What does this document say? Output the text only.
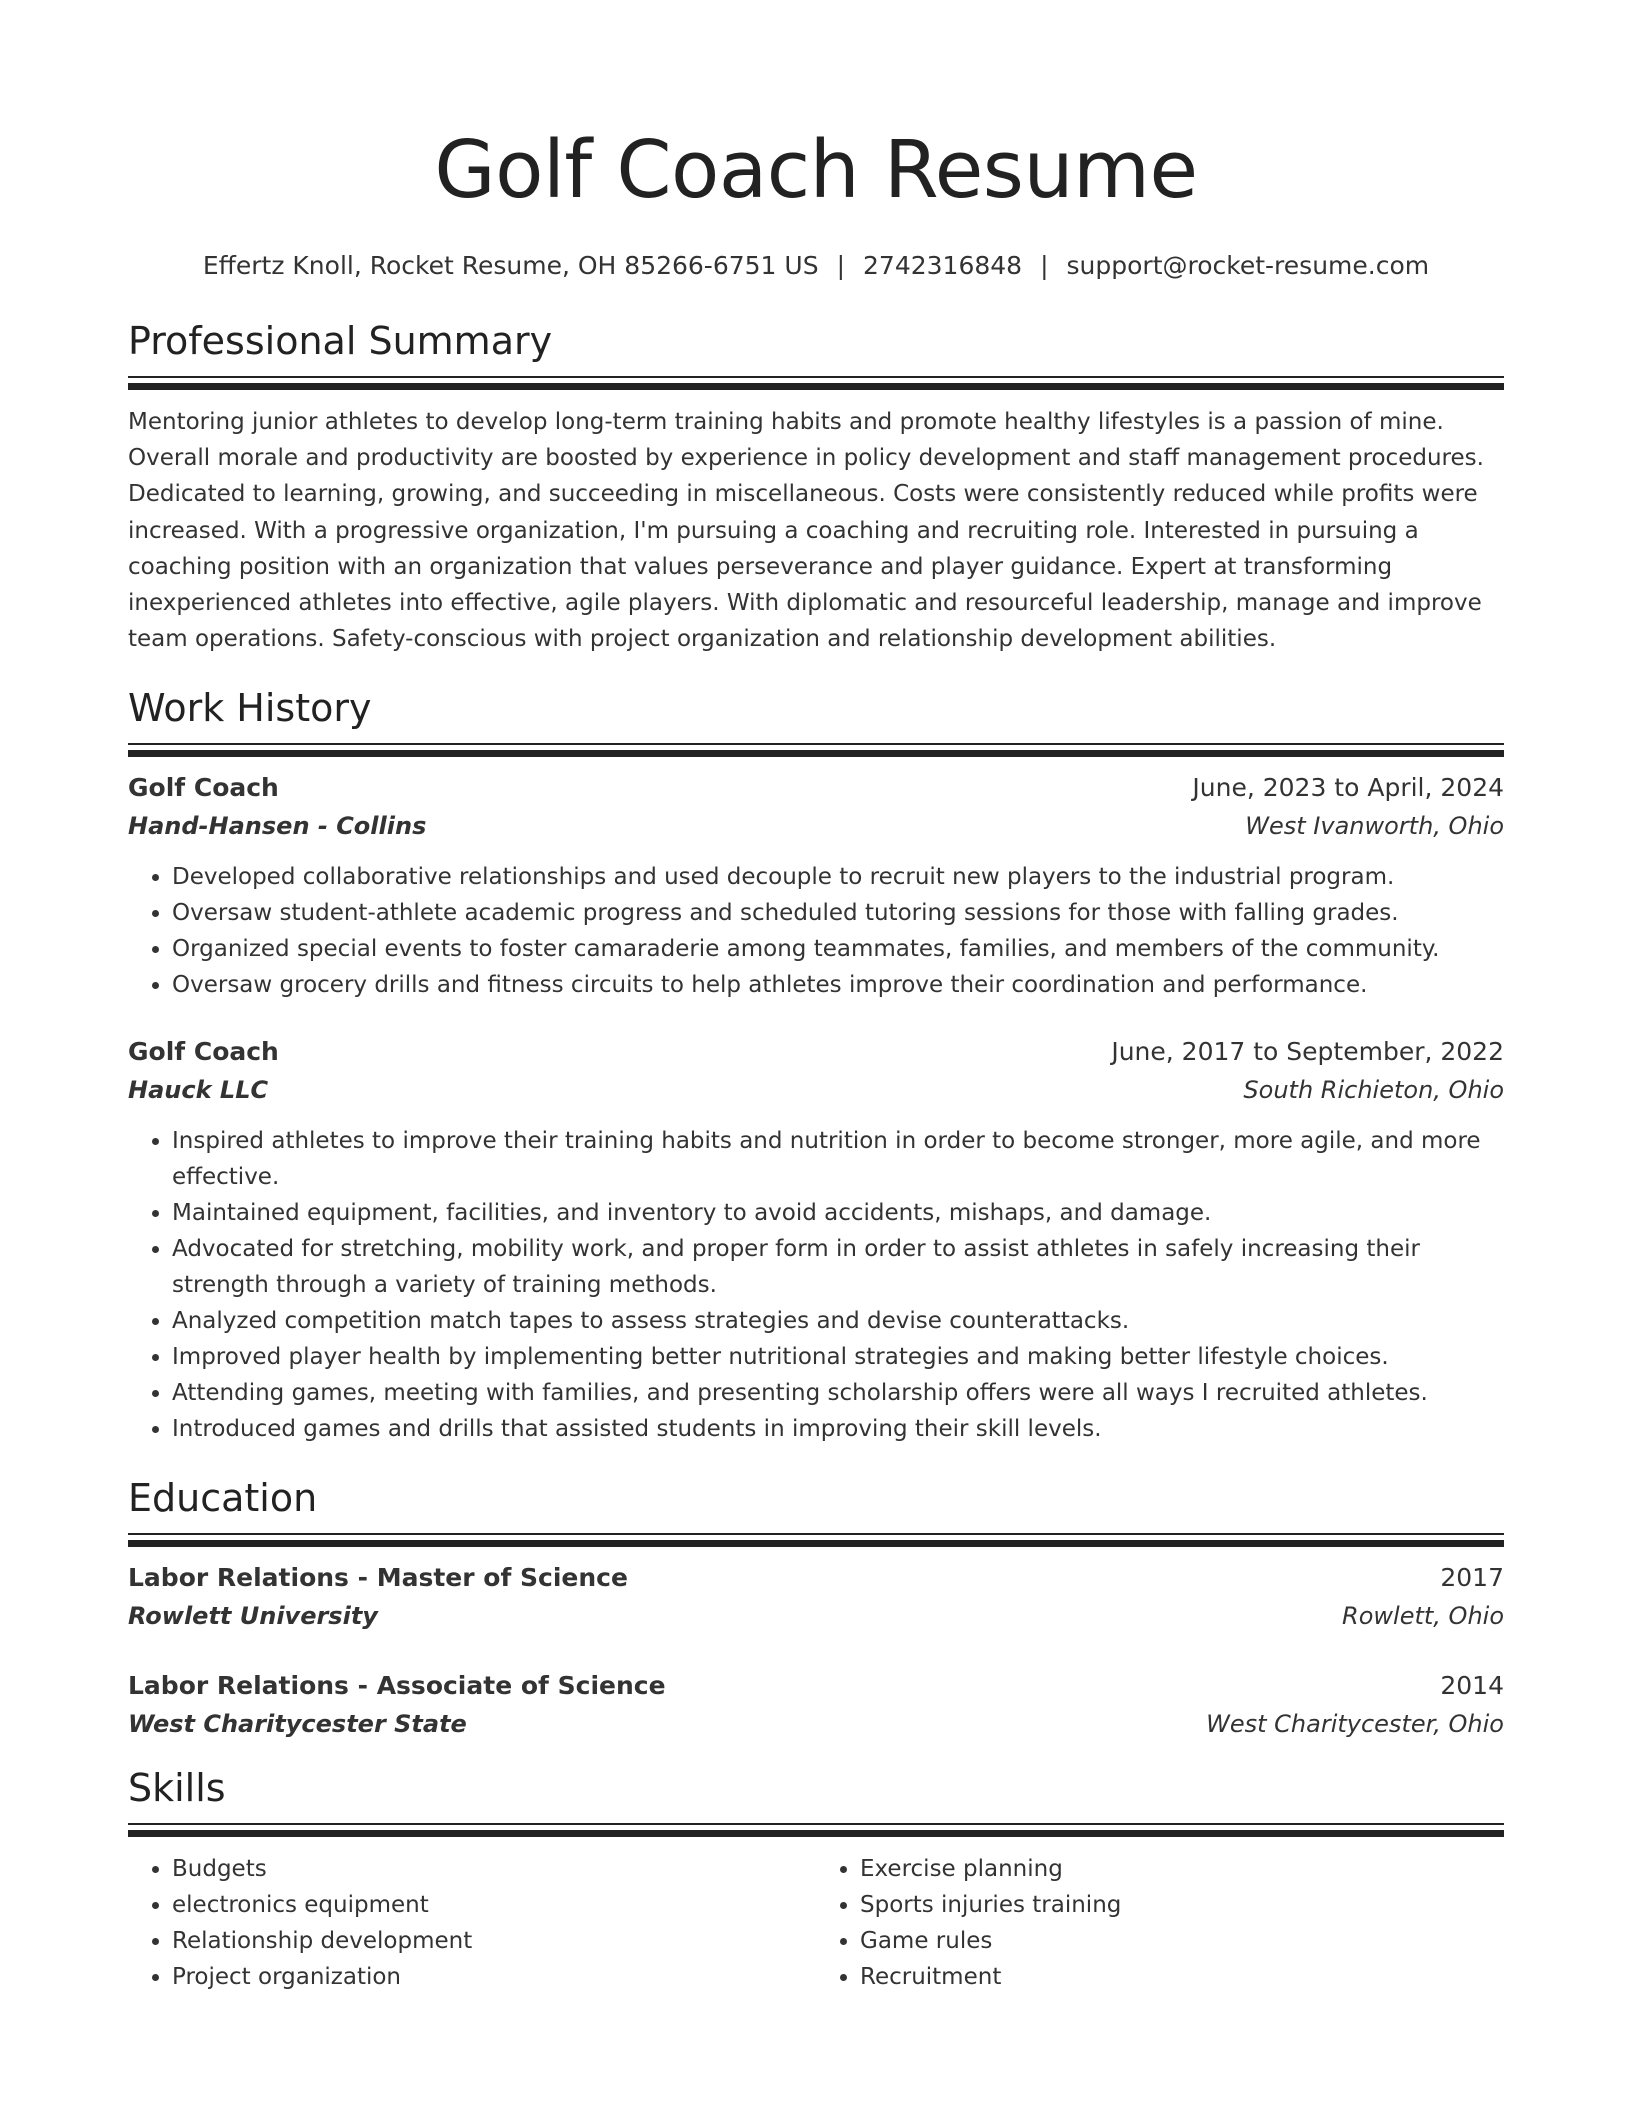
Golf Coach Resume
Effertz Knoll, Rocket Resume, OH 85266-6751 US | 2742316848 | support@rocket-resume.com
Professional Summary
Mentoring junior athletes to develop long-term training habits and promote healthy lifestyles is a passion of mine. Overall morale and productivity are boosted by experience in policy development and staff management procedures. Dedicated to learning, growing, and succeeding in miscellaneous. Costs were consistently reduced while profits were increased. With a progressive organization, I'm pursuing a coaching and recruiting role. Interested in pursuing a coaching position with an organization that values perseverance and player guidance. Expert at transforming inexperienced athletes into effective, agile players. With diplomatic and resourceful leadership, manage and improve team operations. Safety-conscious with project organization and relationship development abilities.
Work History
Golf Coach	June, 2023 to April, 2024
Hand-Hansen - Collins	West Ivanworth, Ohio
• Developed collaborative relationships and used decouple to recruit new players to the industrial program.
• Oversaw student-athlete academic progress and scheduled tutoring sessions for those with falling grades.
• Organized special events to foster camaraderie among teammates, families, and members of the community.
• Oversaw grocery drills and fitness circuits to help athletes improve their coordination and performance.
Golf Coach	June, 2017 to September, 2022
Hauck LLC	South Richieton, Ohio
• Inspired athletes to improve their training habits and nutrition in order to become stronger, more agile, and more effective.
• Maintained equipment, facilities, and inventory to avoid accidents, mishaps, and damage.
• Advocated for stretching, mobility work, and proper form in order to assist athletes in safely increasing their strength through a variety of training methods.
• Analyzed competition match tapes to assess strategies and devise counterattacks.
• Improved player health by implementing better nutritional strategies and making better lifestyle choices.
• Attending games, meeting with families, and presenting scholarship offers were all ways I recruited athletes.
• Introduced games and drills that assisted students in improving their skill levels.
Education
Labor Relations - Master of Science	2017
Rowlett University	Rowlett, Ohio
Labor Relations - Associate of Science	2014
West Charitycester State	West Charitycester, Ohio
Skills
• Budgets
• electronics equipment
• Relationship development
• Project organization
• Exercise planning
• Sports injuries training
• Game rules
• Recruitment
